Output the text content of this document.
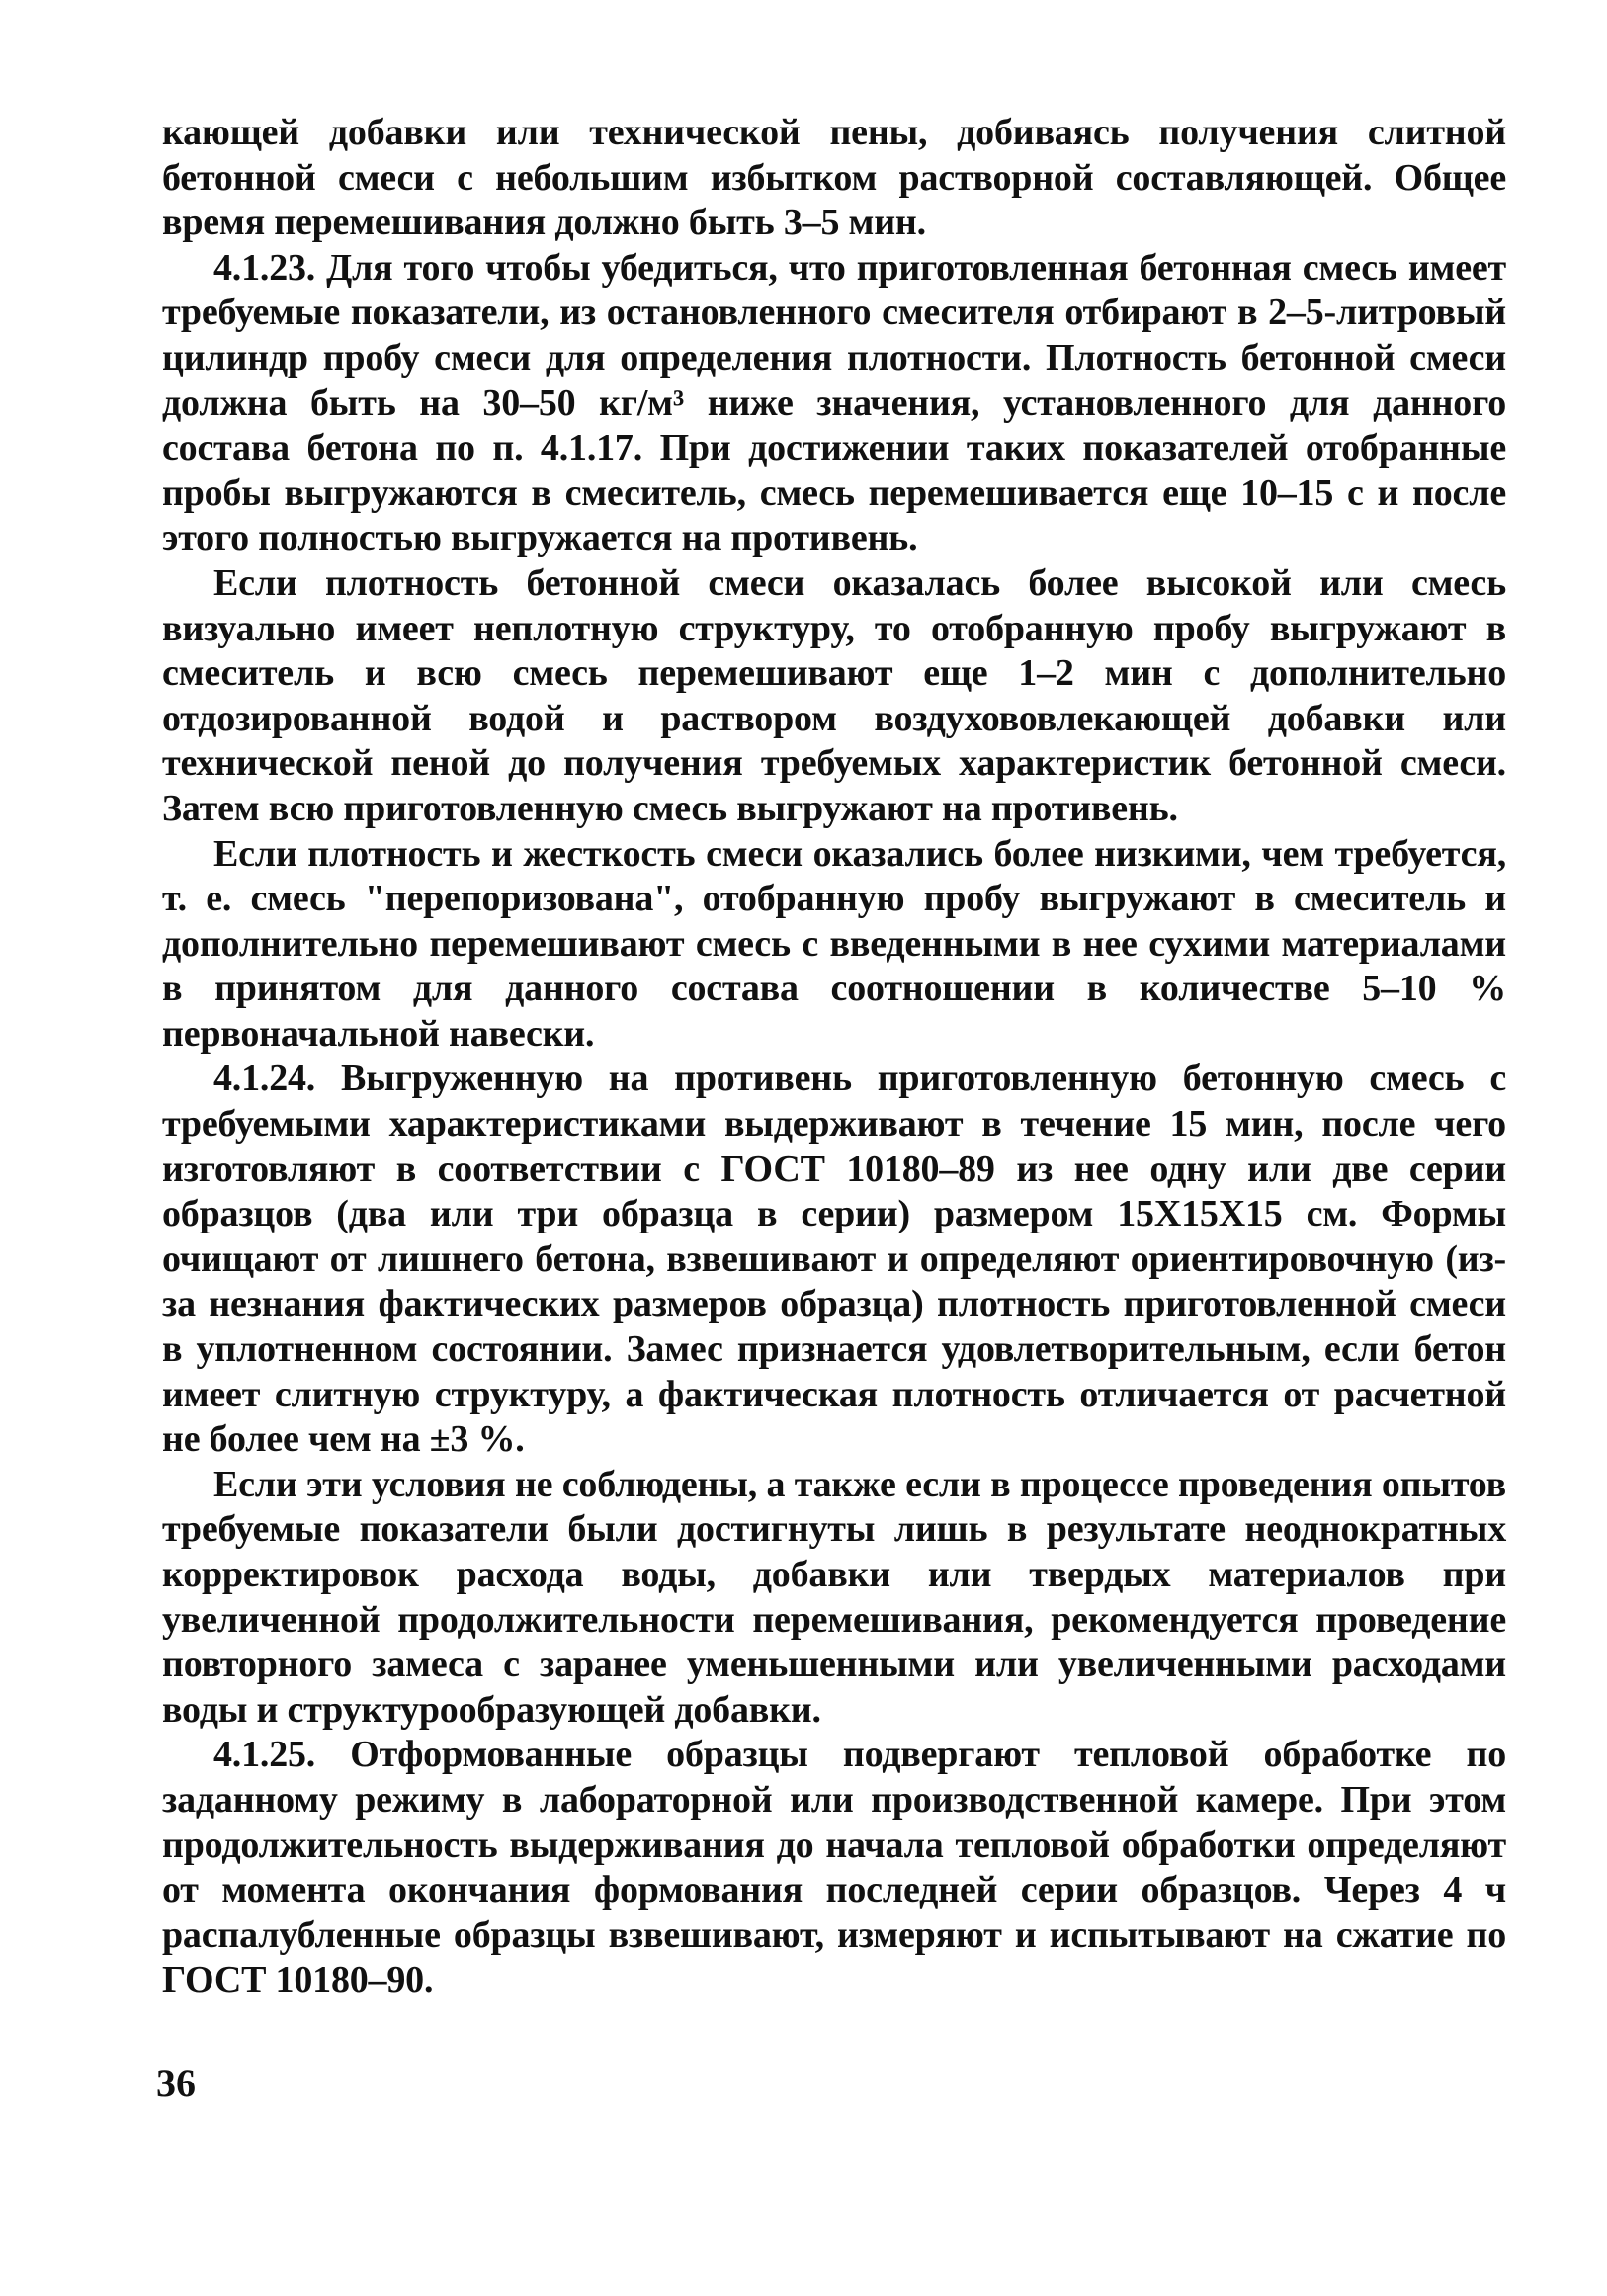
кающей добавки или технической пены, добиваясь получения слитной бетонной смеси с небольшим избытком растворной составляющей. Общее время перемешивания должно быть 3–5 мин.

4.1.23. Для того чтобы убедиться, что приготовленная бетонная смесь имеет требуемые показатели, из остановленного смесителя отбирают в 2–5-литровый цилиндр пробу смеси для определения плотности. Плотность бетонной смеси должна быть на 30–50 кг/м³ ниже значения, установленного для данного состава бетона по п. 4.1.17. При достижении таких показателей отобранные пробы выгружаются в смеситель, смесь перемешивается еще 10–15 с и после этого полностью выгружается на противень.

Если плотность бетонной смеси оказалась более высокой или смесь визуально имеет неплотную структуру, то отобранную пробу выгружают в смеситель и всю смесь перемешивают еще 1–2 мин с дополнительно отдозированной водой и раствором воздухововлекающей добавки или технической пеной до получения требуемых характеристик бетонной смеси. Затем всю приготовленную смесь выгружают на противень.

Если плотность и жесткость смеси оказались более низкими, чем требуется, т. е. смесь "перепоризована", отобранную пробу выгружают в смеситель и дополнительно перемешивают смесь с введенными в нее сухими материалами в принятом для данного состава соотношении в количестве 5–10 % первоначальной навески.

4.1.24. Выгруженную на противень приготовленную бетонную смесь с требуемыми характеристиками выдерживают в течение 15 мин, после чего изготовляют в соответствии с ГОСТ 10180–89 из нее одну или две серии образцов (два или три образца в серии) размером 15Х15Х15 см. Формы очищают от лишнего бетона, взвешивают и определяют ориентировочную (из-за незнания фактических размеров образца) плотность приготовленной смеси в уплотненном состоянии. Замес признается удовлетворительным, если бетон имеет слитную структуру, а фактическая плотность отличается от расчетной не более чем на ±3 %.

Если эти условия не соблюдены, а также если в процессе проведения опытов требуемые показатели были достигнуты лишь в результате неоднократных корректировок расхода воды, добавки или твердых материалов при увеличенной продолжительности перемешивания, рекомендуется проведение повторного замеса с заранее уменьшенными или увеличенными расходами воды и структурообразующей добавки.

4.1.25. Отформованные образцы подвергают тепловой обработке по заданному режиму в лабораторной или производственной камере. При этом продолжительность выдерживания до начала тепловой обработки определяют от момента окончания формования последней серии образцов. Через 4 ч распалубленные образцы взвешивают, измеряют и испытывают на сжатие по ГОСТ 10180–90.

36
